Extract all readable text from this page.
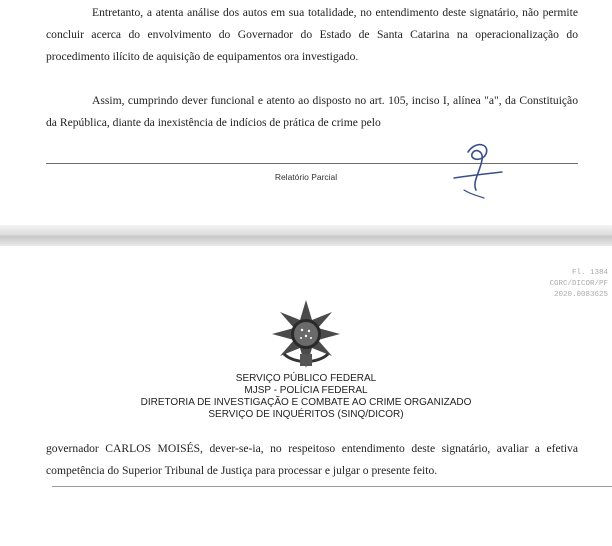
Entretanto, a atenta análise dos autos em sua totalidade, no entendimento deste signatário, não permite concluir acerca do envolvimento do Governador do Estado de Santa Catarina na operacionalização do procedimento ilícito de aquisição de equipamentos ora investigado.

Assim, cumprindo dever funcional e atento ao disposto no art. 105, inciso I, alínea "a", da Constituição da República, diante da inexistência de indícios de prática de crime pelo

Relatório Parcial
Fl. 1384
CGRC/DICOR/PF
2020.0083625
SERVIÇO PÚBLICO FEDERAL
MJSP - POLÍCIA FEDERAL
DIRETORIA DE INVESTIGAÇÃO E COMBATE AO CRIME ORGANIZADO
SERVIÇO DE INQUÉRITOS (SINQ/DICOR)

governador CARLOS MOISÉS, dever-se-ia, no respeitoso entendimento deste signatário, avaliar a efetiva competência do Superior Tribunal de Justiça para processar e julgar o presente feito.
